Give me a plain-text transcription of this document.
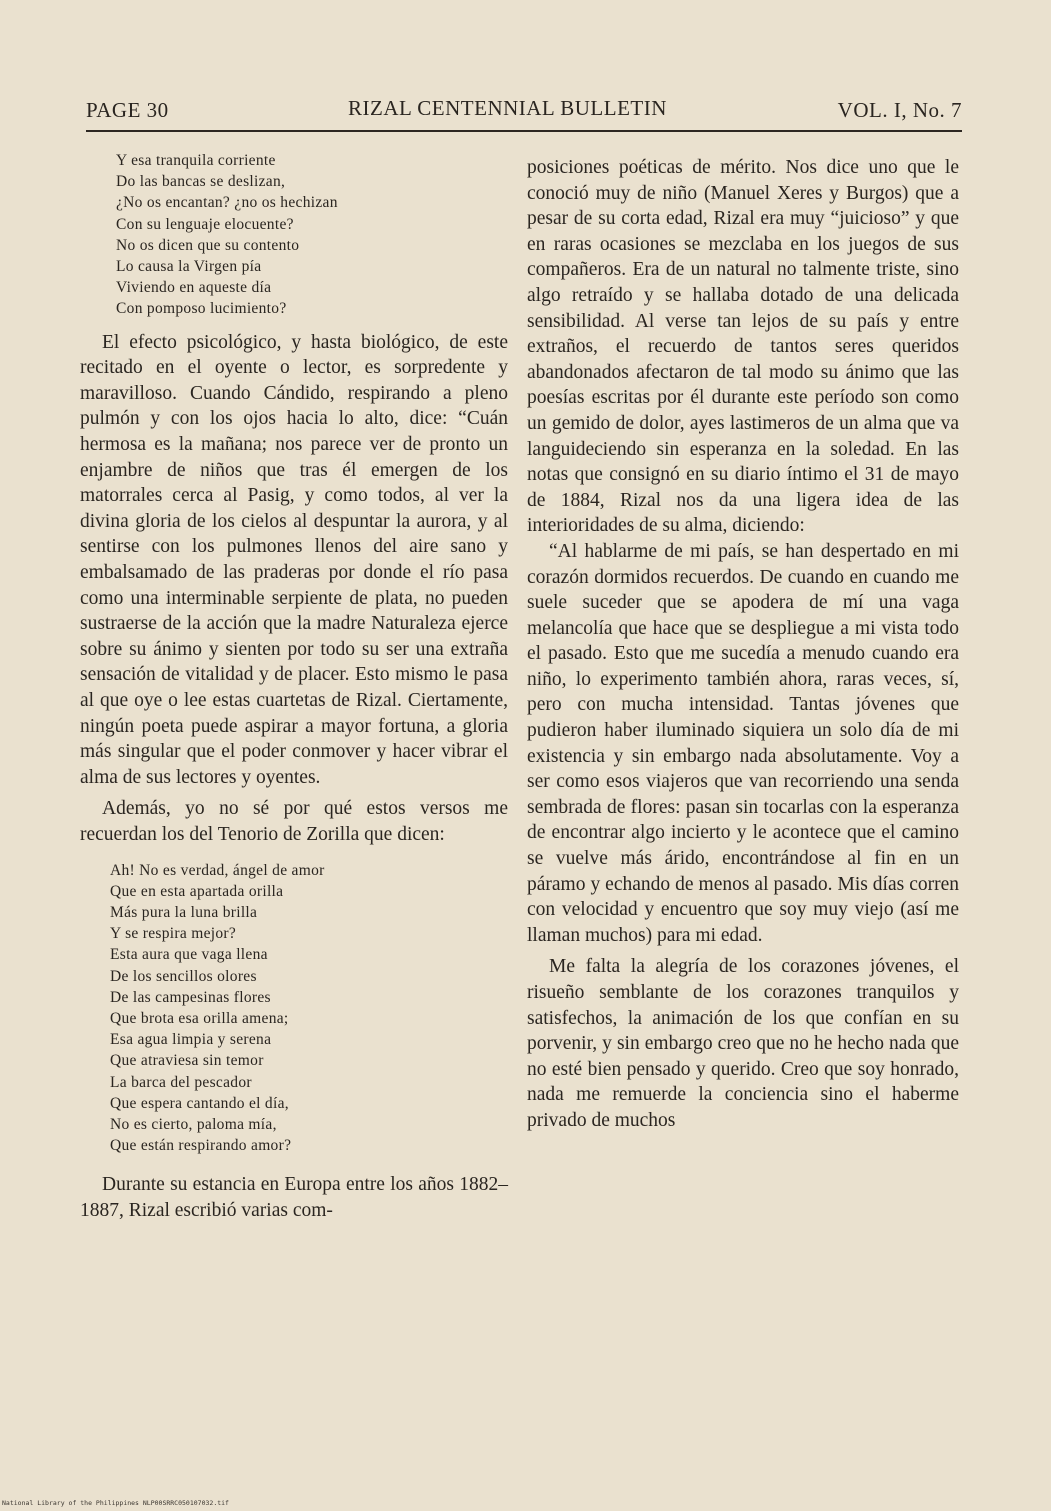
PAGE 30	RIZAL CENTENNIAL BULLETIN	VOL. I, No. 7
Y esa tranquila corriente
Do las bancas se deslizan,
¿No os encantan? ¿no os hechizan
Con su lenguaje elocuente?
No os dicen que su contento
Lo causa la Virgen pía
Viviendo en aqueste día
Con pomposo lucimiento?

El efecto psicológico, y hasta biológico, de este recitado en el oyente o lector, es sorpredente y maravilloso. Cuando Cándido, respirando a pleno pulmón y con los ojos hacia lo alto, dice: “Cuán hermosa es la mañana; nos parece ver de pronto un enjambre de niños que tras él emergen de los matorrales cerca al Pasig, y como todos, al ver la divina gloria de los cielos al despuntar la aurora, y al sentirse con los pulmones llenos del aire sano y embalsamado de las praderas por donde el río pasa como una interminable serpiente de plata, no pueden sustraerse de la acción que la madre Naturaleza ejerce sobre su ánimo y sienten por todo su ser una extraña sensación de vitalidad y de placer. Esto mismo le pasa al que oye o lee estas cuartetas de Rizal. Ciertamente, ningún poeta puede aspirar a mayor fortuna, a gloria más singular que el poder conmover y hacer vibrar el alma de sus lectores y oyentes.

Además, yo no sé por qué estos versos me recuerdan los del Tenorio de Zorilla que dicen:

Ah! No es verdad, ángel de amor
Que en esta apartada orilla
Más pura la luna brilla
Y se respira mejor?
Esta aura que vaga llena
De los sencillos olores
De las campesinas flores
Que brota esa orilla amena;
Esa agua limpia y serena
Que atraviesa sin temor
La barca del pescador
Que espera cantando el día,
No es cierto, paloma mía,
Que están respirando amor?

Durante su estancia en Europa entre los años 1882–1887, Rizal escribió varias com-

posiciones poéticas de mérito. Nos dice uno que le conoció muy de niño (Manuel Xeres y Burgos) que a pesar de su corta edad, Rizal era muy “juicioso” y que en raras ocasiones se mezclaba en los juegos de sus compañeros. Era de un natural no talmente triste, sino algo retraído y se hallaba dotado de una delicada sensibilidad. Al verse tan lejos de su país y entre extraños, el recuerdo de tantos seres queridos abandonados afectaron de tal modo su ánimo que las poesías escritas por él durante este período son como un gemido de dolor, ayes lastimeros de un alma que va languideciendo sin esperanza en la soledad. En las notas que consignó en su diario íntimo el 31 de mayo de 1884, Rizal nos da una ligera idea de las interioridades de su alma, diciendo:

“Al hablarme de mi país, se han despertado en mi corazón dormidos recuerdos. De cuando en cuando me suele suceder que se apodera de mí una vaga melancolía que hace que se despliegue a mi vista todo el pasado. Esto que me sucedía a menudo cuando era niño, lo experimento también ahora, raras veces, sí, pero con mucha intensidad. Tantas jóvenes que pudieron haber iluminado siquiera un solo día de mi existencia y sin embargo nada absolutamente. Voy a ser como esos viajeros que van recorriendo una senda sembrada de flores: pasan sin tocarlas con la esperanza de encontrar algo incierto y le acontece que el camino se vuelve más árido, encontrándose al fin en un páramo y echando de menos al pasado. Mis días corren con velocidad y encuentro que soy muy viejo (así me llaman muchos) para mi edad.

Me falta la alegría de los corazones jóvenes, el risueño semblante de los corazones tranquilos y satisfechos, la animación de los que confían en su porvenir, y sin embargo creo que no he hecho nada que no esté bien pensado y querido. Creo que soy honrado, nada me remuerde la conciencia sino el haberme privado de muchos

National Library of the Philippines NLP00SRRC050107032.tif
